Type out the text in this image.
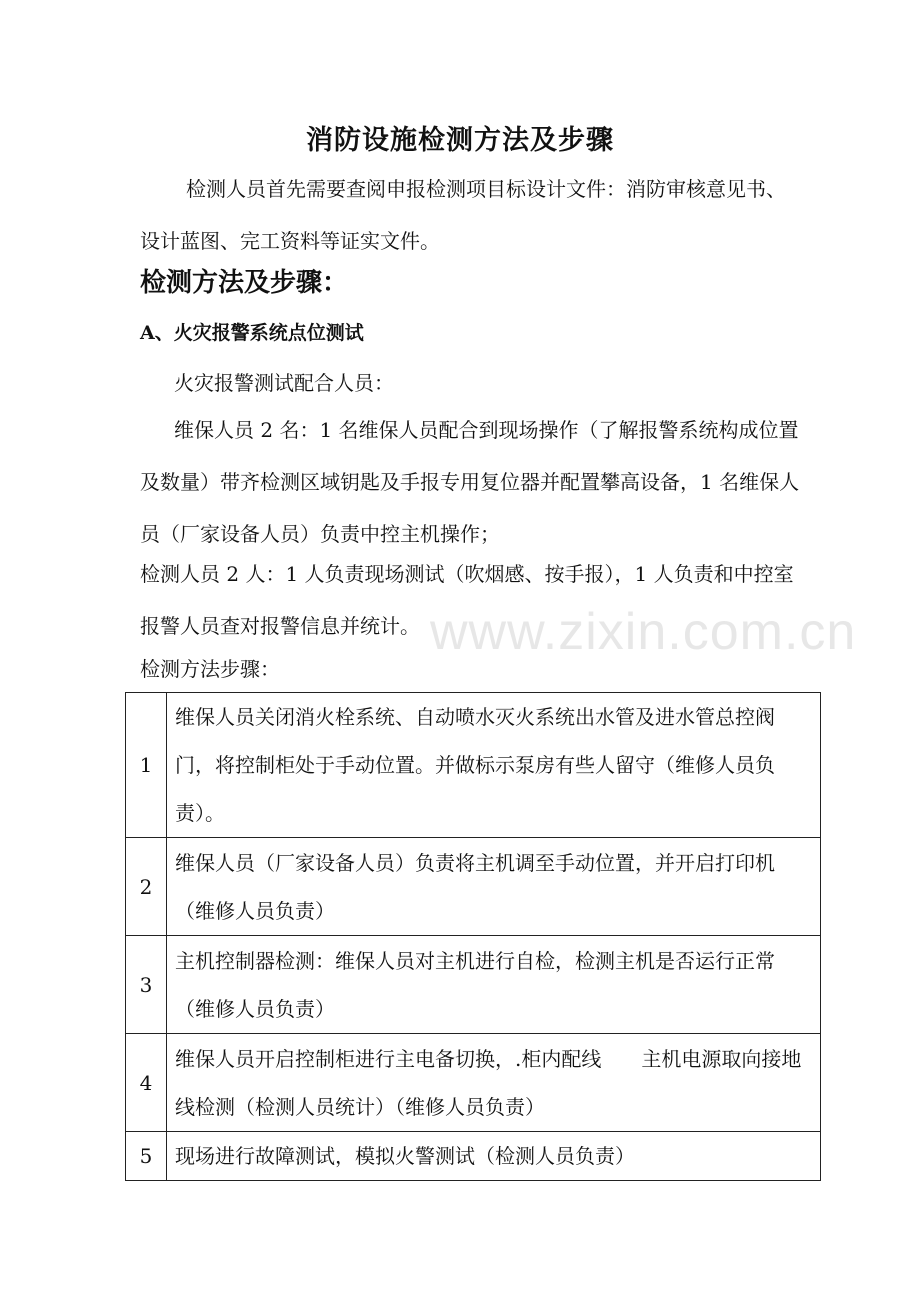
消防设施检测方法及步骤

检测人员首先需要查阅申报检测项目标设计文件：消防审核意见书、设计蓝图、完工资料等证实文件。

检测方法及步骤：
A、火灾报警系统点位测试

火灾报警测试配合人员：

维保人员 2 名：1 名维保人员配合到现场操作（了解报警系统构成位置及数量）带齐检测区域钥匙及手报专用复位器并配置攀高设备，1 名维保人员（厂家设备人员）负责中控主机操作；

检测人员 2 人：1 人负责现场测试（吹烟感、按手报），1 人负责和中控室报警人员查对报警信息并统计。

检测方法步骤：

www.zixin.com.cn
1	维保人员关闭消火栓系统、自动喷水灭火系统出水管及进水管总控阀门，将控制柜处于手动位置。并做标示泵房有些人留守（维修人员负责）。
2	维保人员（厂家设备人员）负责将主机调至手动位置，并开启打印机（维修人员负责）
3	主机控制器检测：维保人员对主机进行自检，检测主机是否运行正常（维修人员负责）
4	维保人员开启控制柜进行主电备切换，.柜内配线　　主机电源取向接地线检测（检测人员统计）（维修人员负责）
5	现场进行故障测试，模拟火警测试（检测人员负责）
